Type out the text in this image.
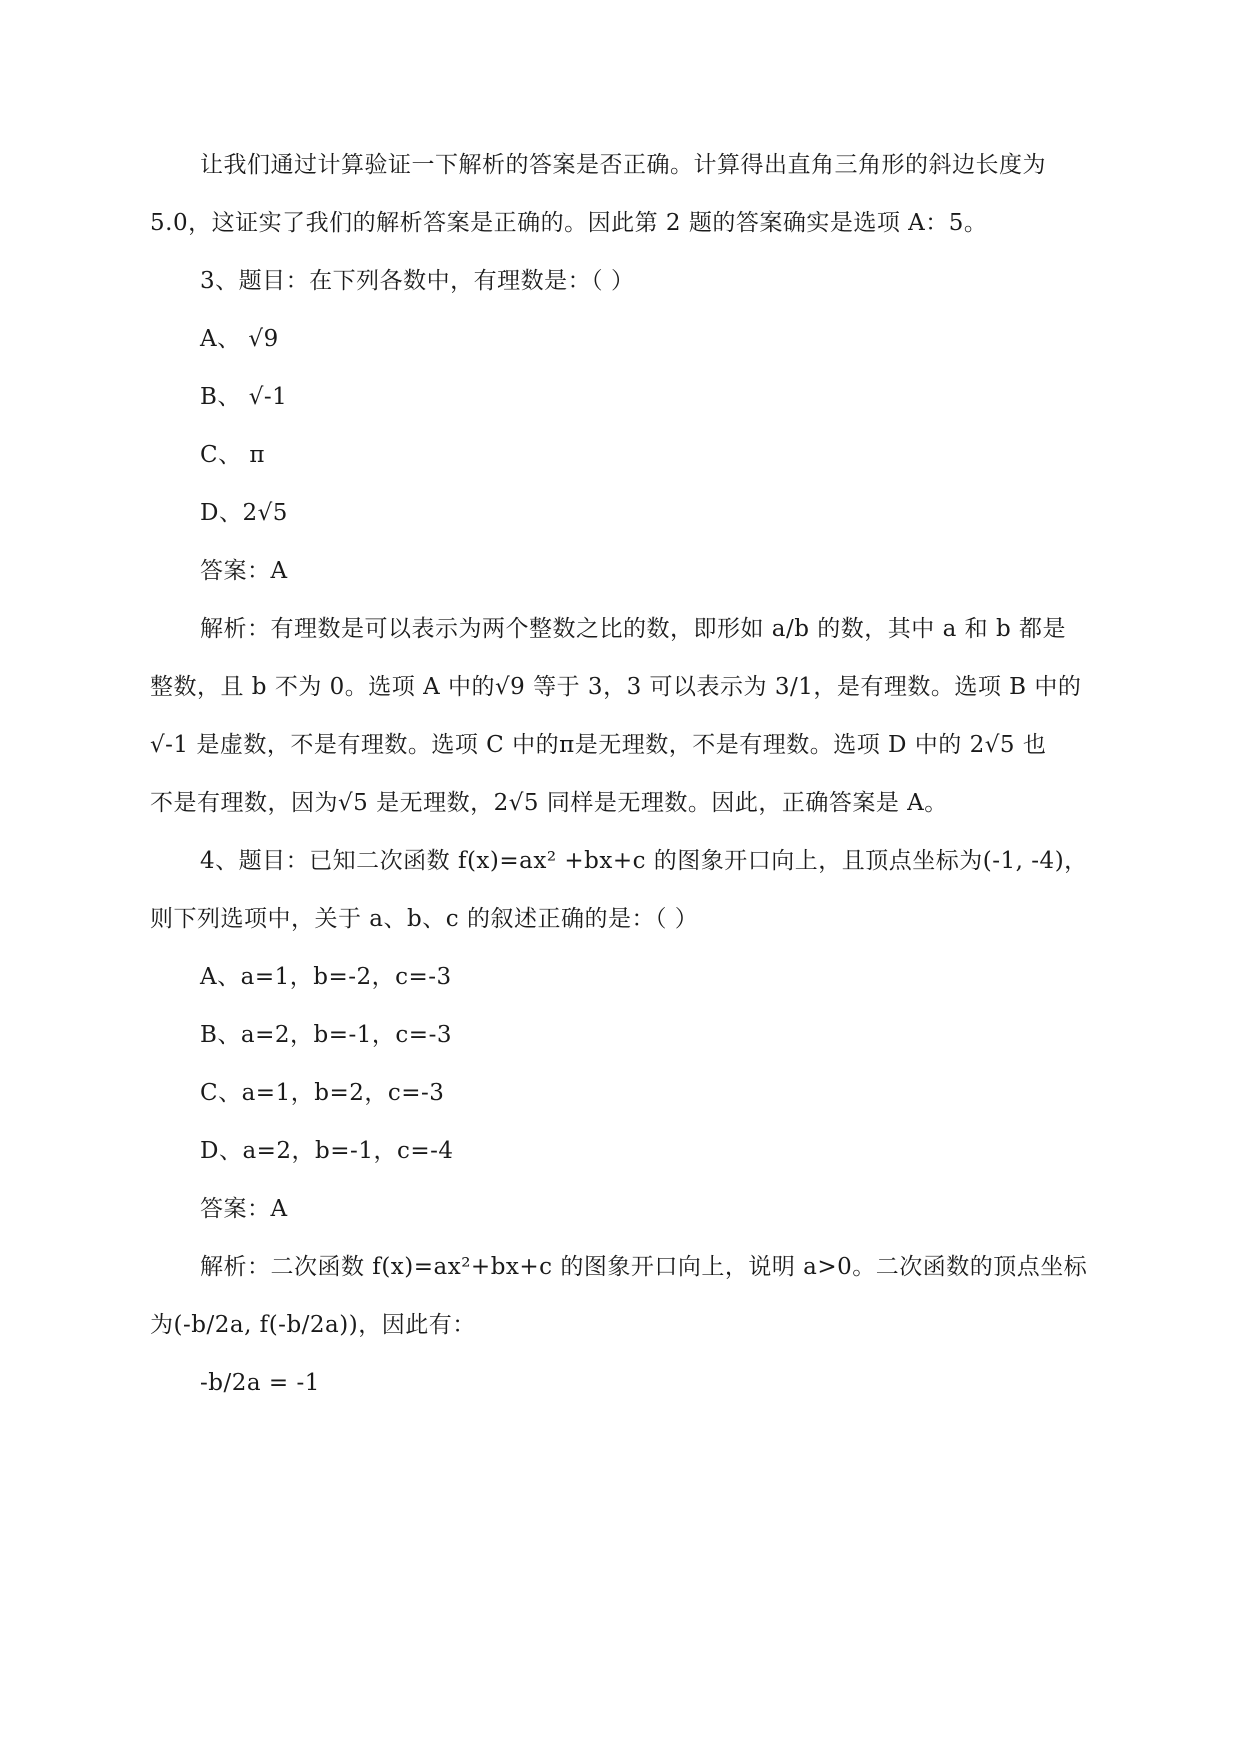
让我们通过计算验证一下解析的答案是否正确。计算得出直角三角形的斜边长度为
5.0，这证实了我们的解析答案是正确的。因此第 2 题的答案确实是选项 A：5。
3、题目：在下列各数中，有理数是：（ ）
A、 √9
B、 √-1
C、 π
D、2√5
答案：A
解析：有理数是可以表示为两个整数之比的数，即形如 a/b 的数，其中 a 和 b 都是
整数，且 b 不为 0。选项 A 中的√9 等于 3，3 可以表示为 3/1，是有理数。选项 B 中的
√-1 是虚数，不是有理数。选项 C 中的π是无理数，不是有理数。选项 D 中的 2√5 也
不是有理数，因为√5 是无理数，2√5 同样是无理数。因此，正确答案是 A。
4、题目：已知二次函数 f(x)=ax² +bx+c 的图象开口向上，且顶点坐标为(-1, -4)，
则下列选项中，关于 a、b、c 的叙述正确的是：（ ）
A、a=1，b=-2，c=-3
B、a=2，b=-1，c=-3
C、a=1，b=2，c=-3
D、a=2，b=-1，c=-4
答案：A
解析：二次函数 f(x)=ax²+bx+c 的图象开口向上，说明 a>0。二次函数的顶点坐标
为(-b/2a, f(-b/2a))，因此有：
-b/2a = -1
